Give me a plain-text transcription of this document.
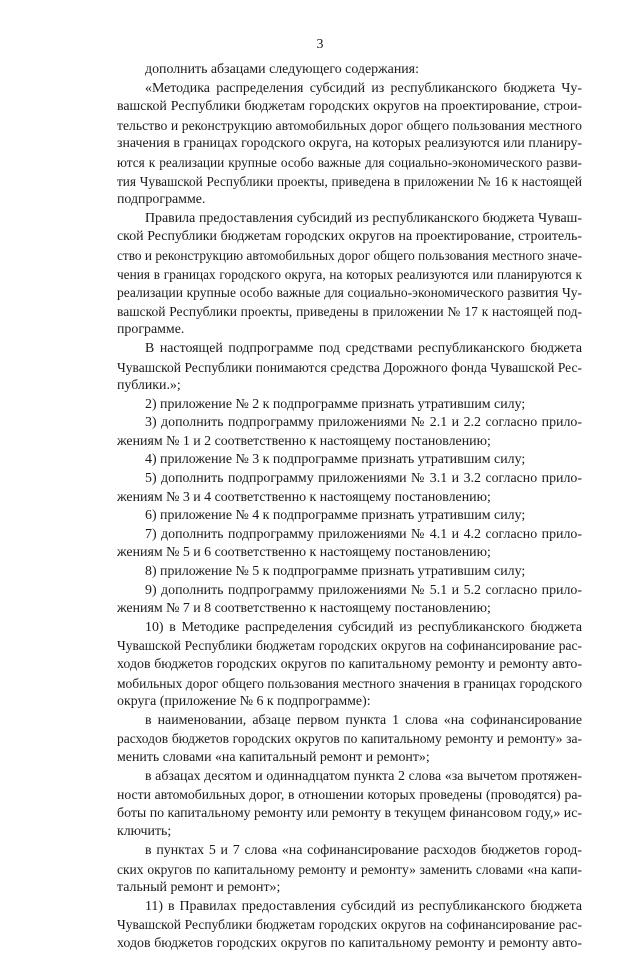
3
дополнить абзацами следующего содержания:
«Методика распределения субсидий из республиканского бюджета Чу-
вашской Республики бюджетам городских округов на проектирование, строи-
тельство и реконструкцию автомобильных дорог общего пользования местного
значения в границах городского округа, на которых реализуются или планиру-
ются к реализации крупные особо важные для социально-экономического разви-
тия Чувашской Республики проекты, приведена в приложении № 16 к настоящей
подпрограмме.
Правила предоставления субсидий из республиканского бюджета Чуваш-
ской Республики бюджетам городских округов на проектирование, строитель-
ство и реконструкцию автомобильных дорог общего пользования местного значе-
чения в границах городского округа, на которых реализуются или планируются к
реализации крупные особо важные для социально-экономического развития Чу-
вашской Республики проекты, приведены в приложении № 17 к настоящей под-
программе.
В настоящей подпрограмме под средствами республиканского бюджета
Чувашской Республики понимаются средства Дорожного фонда Чувашской Рес-
публики.»;
2) приложение № 2 к подпрограмме признать утратившим силу;
3) дополнить подпрограмму приложениями № 2.1 и 2.2 согласно прило-
жениям № 1 и 2 соответственно к настоящему постановлению;
4) приложение № 3 к подпрограмме признать утратившим силу;
5) дополнить подпрограмму приложениями № 3.1 и 3.2 согласно прило-
жениям № 3 и 4 соответственно к настоящему постановлению;
6) приложение № 4 к подпрограмме признать утратившим силу;
7) дополнить подпрограмму приложениями № 4.1 и 4.2 согласно прило-
жениям № 5 и 6 соответственно к настоящему постановлению;
8) приложение № 5 к подпрограмме признать утратившим силу;
9) дополнить подпрограмму приложениями № 5.1 и 5.2 согласно прило-
жениям № 7 и 8 соответственно к настоящему постановлению;
10) в Методике распределения субсидий из республиканского бюджета
Чувашской Республики бюджетам городских округов на софинансирование рас-
ходов бюджетов городских округов по капитальному ремонту и ремонту авто-
мобильных дорог общего пользования местного значения в границах городского
округа (приложение № 6 к подпрограмме):
в наименовании, абзаце первом пункта 1 слова «на софинансирование
расходов бюджетов городских округов по капитальному ремонту и ремонту» за-
менить словами «на капитальный ремонт и ремонт»;
в абзацах десятом и одиннадцатом пункта 2 слова «за вычетом протяжен-
ности автомобильных дорог, в отношении которых проведены (проводятся) ра-
боты по капитальному ремонту или ремонту в текущем финансовом году,» ис-
ключить;
в пунктах 5 и 7 слова «на софинансирование расходов бюджетов город-
ских округов по капитальному ремонту и ремонту» заменить словами «на капи-
тальный ремонт и ремонт»;
11) в Правилах предоставления субсидий из республиканского бюджета
Чувашской Республики бюджетам городских округов на софинансирование рас-
ходов бюджетов городских округов по капитальному ремонту и ремонту авто-
